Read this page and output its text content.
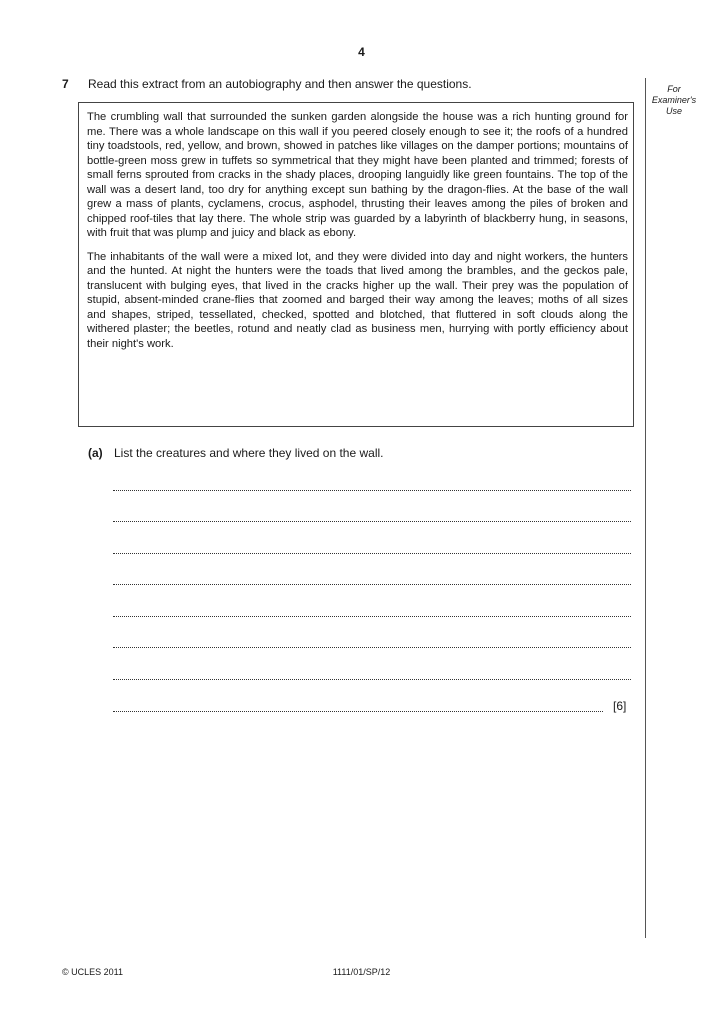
4
For
Examiner's
Use
7 Read this extract from an autobiography and then answer the questions.

The crumbling wall that surrounded the sunken garden alongside the house was a rich hunting ground for me. There was a whole landscape on this wall if you peered closely enough to see it; the roofs of a hundred tiny toadstools, red, yellow, and brown, showed in patches like villages on the damper portions; mountains of bottle-green moss grew in tuffets so symmetrical that they might have been planted and trimmed; forests of small ferns sprouted from cracks in the shady places, drooping languidly like green fountains. The top of the wall was a desert land, too dry for anything except sun bathing by the dragon-flies. At the base of the wall grew a mass of plants, cyclamens, crocus, asphodel, thrusting their leaves among the piles of broken and chipped roof-tiles that lay there. The whole strip was guarded by a labyrinth of blackberry hung, in seasons, with fruit that was plump and juicy and black as ebony.

The inhabitants of the wall were a mixed lot, and they were divided into day and night workers, the hunters and the hunted. At night the hunters were the toads that lived among the brambles, and the geckos pale, translucent with bulging eyes, that lived in the cracks higher up the wall. Their prey was the population of stupid, absent-minded crane-flies that zoomed and barged their way among the leaves; moths of all sizes and shapes, striped, tessellated, checked, spotted and blotched, that fluttered in soft clouds along the withered plaster; the beetles, rotund and neatly clad as business men, hurrying with portly efficiency about their night's work.

(a) List the creatures and where they lived on the wall.
[6]
© UCLES 2011	1111/01/SP/12
